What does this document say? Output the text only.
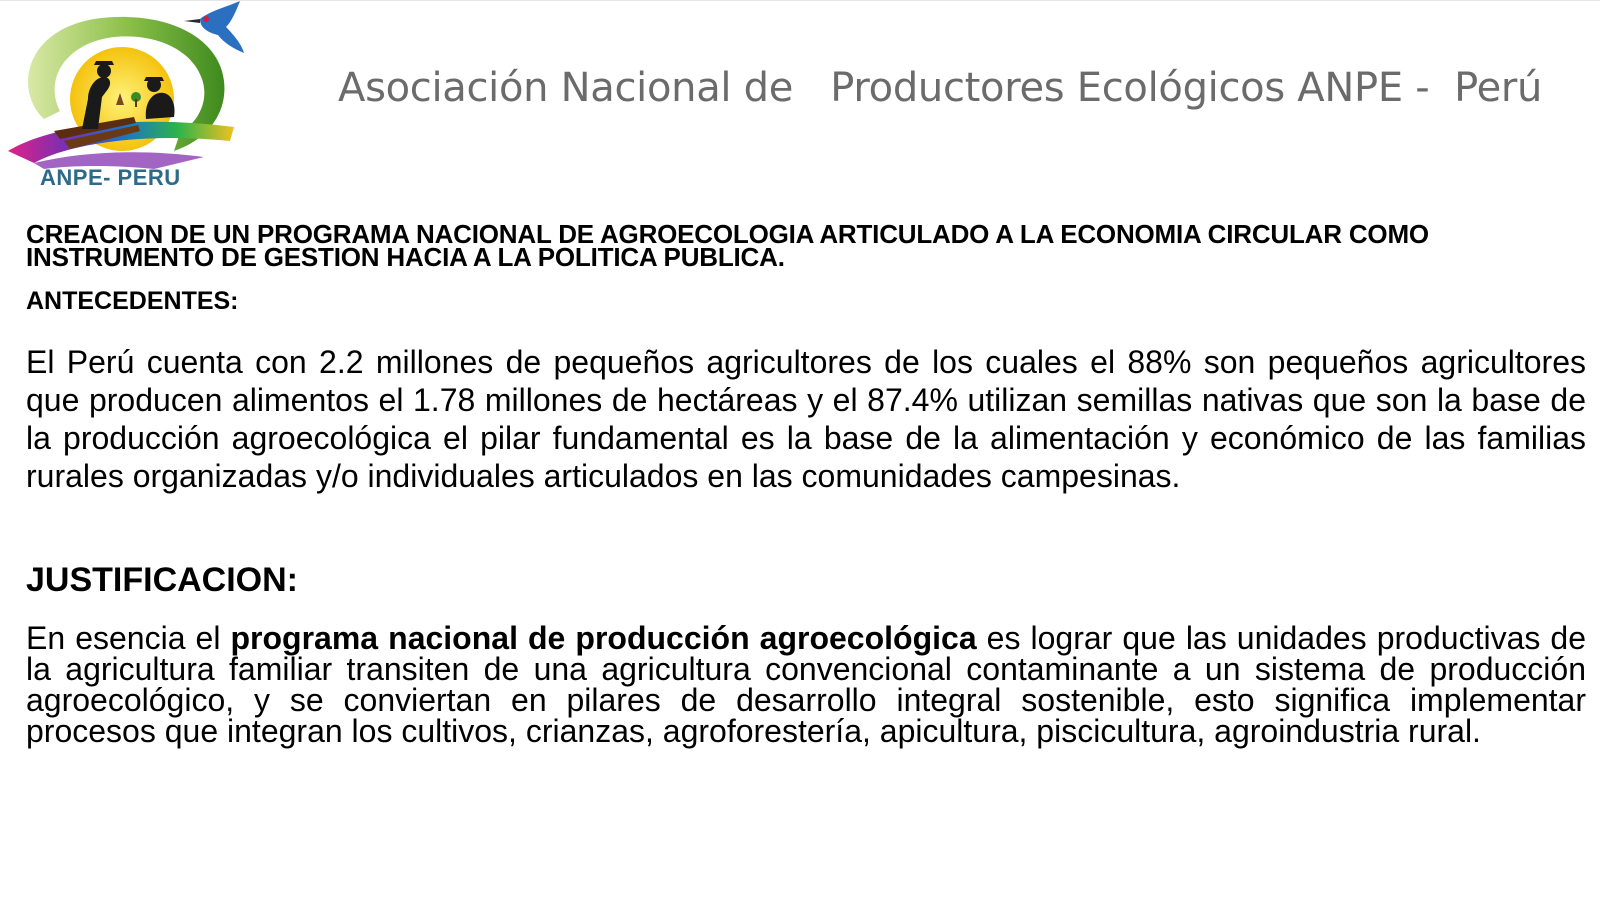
ANPE- PERU
Asociación Nacional de   Productores Ecológicos ANPE -  Perú
CREACION DE UN PROGRAMA NACIONAL DE AGROECOLOGIA ARTICULADO A LA ECONOMIA CIRCULAR COMO INSTRUMENTO DE GESTION HACIA A LA POLITICA PUBLICA.
ANTECEDENTES:
El Perú cuenta con 2.2 millones de pequeños agricultores de los cuales el 88% son pequeños agricultores que producen alimentos el 1.78 millones de hectáreas y el 87.4% utilizan semillas nativas que son la base de la producción agroecológica el pilar fundamental es la base de la alimentación y económico de las familias rurales organizadas y/o individuales articulados en las comunidades campesinas.
JUSTIFICACION:
En esencia el programa nacional de producción agroecológica es lograr que las unidades productivas de la agricultura familiar transiten de una agricultura convencional contaminante a un sistema de producción agroecológico, y se conviertan en pilares de desarrollo integral sostenible, esto significa implementar procesos que integran los cultivos, crianzas, agroforestería, apicultura, piscicultura, agroindustria rural.
